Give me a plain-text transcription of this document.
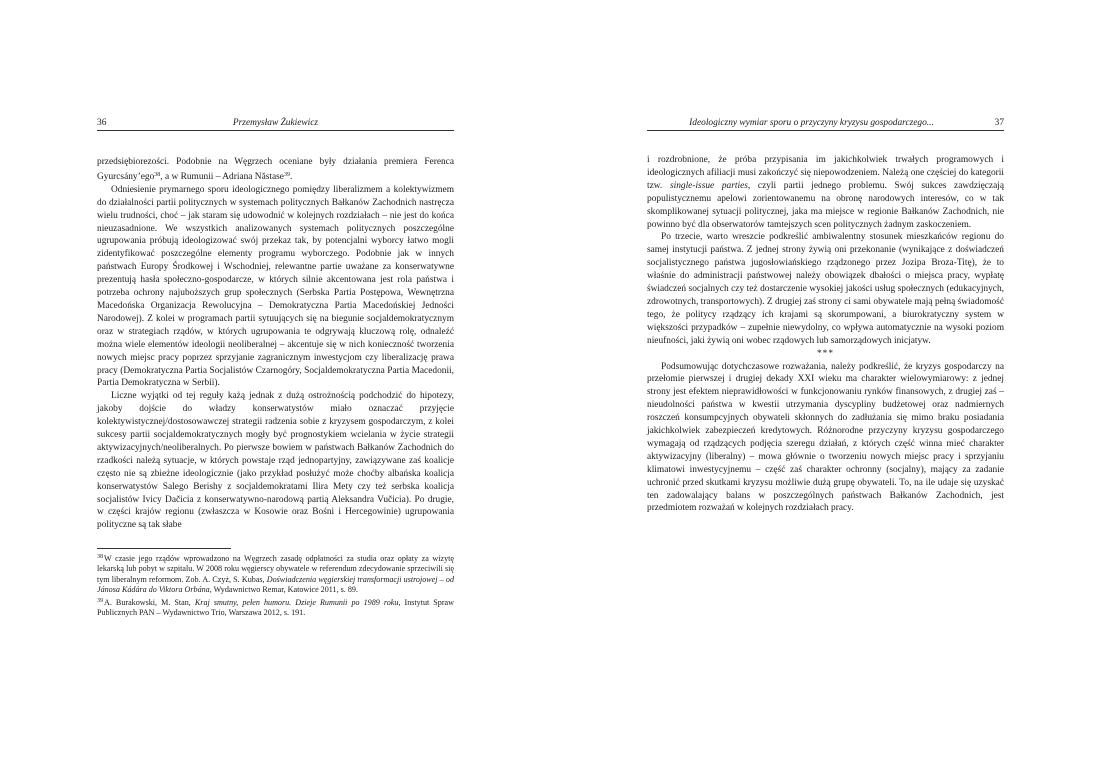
36	Przemysław Żukiewicz

przedsiębiorezości. Podobnie na Węgrzech oceniane były działania premiera Ferenca Gyurcsány’ego$^{38}$, a w Rumunii – Adriana Năstase$^{39}$.

Odniesienie prymarnego sporu ideologicznego pomiędzy liberalizmem a kolektywizmem do działalności partii politycznych w systemach politycznych Bałkanów Zachodnich nastręcza wielu trudności, choć – jak staram się udowodnić w kolejnych rozdziałach – nie jest do końca nieuzasadnione. We wszystkich analizowanych systemach politycznych poszczególne ugrupowania próbują ideologizować swój przekaz tak, by potencjalni wyborcy łatwo mogli zidentyfikować poszczególne elementy programu wyborczego. Podobnie jak w innych państwach Europy Środkowej i Wschodniej, relewantne partie uważane za konserwatywne prezentują hasła społeczno-gospodarcze, w których silnie akcentowana jest rola państwa i potrzeba ochrony najuboższych grup społecznych (Serbska Partia Postępowa, Wewnętrzna Macedońska Organizacja Rewolucyjna – Demokratyczna Partia Macedońskiej Jedności Narodowej). Z kolei w programach partii sytuujących się na biegunie socjaldemokratycznym oraz w strategiach rządów, w których ugrupowania te odgrywają kluczową rolę, odnaleźć można wiele elementów ideologii neoliberalnej – akcentuje się w nich konieczność tworzenia nowych miejsc pracy poprzez sprzyjanie zagranicznym inwestycjom czy liberalizację prawa pracy (Demokratyczna Partia Socjalistów Czarnogóry, Socjaldemokratyczna Partia Macedonii, Partia Demokratyczna w Serbii).

Liczne wyjątki od tej reguły każą jednak z dużą ostrożnością podchodzić do hipotezy, jakoby dojście do władzy konserwatystów miało oznaczać przyjęcie kolektywistycznej/dostosowawczej strategii radzenia sobie z kryzysem gospodarczym, z kolei sukcesy partii socjaldemokratycznych mogły być prognostykiem wcielania w życie strategii aktywizacyjnych/neoliberalnych. Po pierwsze bowiem w państwach Bałkanów Zachodnich do rzadkości należą sytuacje, w których powstaje rząd jednopartyjny, zawiązywane zaś koalicje często nie są zbieżne ideologicznie (jako przykład posłużyć może choćby albańska koalicja konserwatystów Salego Berishy z socjaldemokratami Ilira Mety czy też serbska koalicja socjalistów Ivicy Dačicia z konserwatywno-narodową partią Aleksandra Vučicia). Po drugie, w części krajów regionu (zwłaszcza w Kosowie oraz Bośni i Hercegowinie) ugrupowania polityczne są tak słabe

$^{38}$W czasie jego rządów wprowadzono na Węgrzech zasadę odpłatności za studia oraz opłaty za wizytę lekarską lub pobyt w szpitalu. W 2008 roku węgierscy obywatele w referendum zdecydowanie sprzeciwili się tym liberalnym reformom. Zob. A. Czyż, S. Kubas, Doświadczenia węgierskiej transformacji ustrojowej – od Jánosa Kádára do Viktora Orbána, Wydawnictwo Remar, Katowice 2011, s. 89.

$^{39}$A. Burakowski, M. Stan, Kraj smutny, pełen humoru. Dzieje Rumunii po 1989 roku, Instytut Spraw Publicznych PAN – Wydawnictwo Trio, Warszawa 2012, s. 191.

Ideologiczny wymiar sporu o przyczyny kryzysu gospodarczego...	37

i rozdrobnione, że próba przypisania im jakichkolwiek trwałych programowych i ideologicznych afiliacji musi zakończyć się niepowodzeniem. Należą one częściej do kategorii tzw. single-issue parties, czyli partii jednego problemu. Swój sukces zawdzięczają populistycznemu apelowi zorientowanemu na obronę narodowych interesów, co w tak skomplikowanej sytuacji politycznej, jaka ma miejsce w regionie Bałkanów Zachodnich, nie powinno być dla obserwatorów tamtejszych scen politycznych żadnym zaskoczeniem.

Po trzecie, warto wreszcie podkreślić ambiwalentny stosunek mieszkańców regionu do samej instytucji państwa. Z jednej strony żywią oni przekonanie (wynikające z doświadczeń socjalistycznego państwa jugosłowiańskiego rządzonego przez Jozipa Broza-Titę), że to właśnie do administracji państwowej należy obowiązek dbałości o miejsca pracy, wypłatę świadczeń socjalnych czy też dostarczenie wysokiej jakości usług społecznych (edukacyjnych, zdrowotnych, transportowych). Z drugiej zaś strony ci sami obywatele mają pełną świadomość tego, że politycy rządzący ich krajami są skorumpowani, a biurokratyczny system w większości przypadków – zupełnie niewydolny, co wpływa automatycznie na wysoki poziom nieufności, jaki żywią oni wobec rządowych lub samorządowych inicjatyw.

***

Podsumowując dotychczasowe rozważania, należy podkreślić, że kryzys gospodarczy na przełomie pierwszej i drugiej dekady XXI wieku ma charakter wielowymiarowy: z jednej strony jest efektem nieprawidłowości w funkcjonowaniu rynków finansowych, z drugiej zaś – nieudolności państwa w kwestii utrzymania dyscypliny budżetowej oraz nadmiernych roszczeń konsumpcyjnych obywateli skłonnych do zadłużania się mimo braku posiadania jakichkolwiek zabezpieczeń kredytowych. Różnorodne przyczyny kryzysu gospodarczego wymagają od rządzących podjęcia szeregu działań, z których część winna mieć charakter aktywizacyjny (liberalny) – mowa głównie o tworzeniu nowych miejsc pracy i sprzyjaniu klimatowi inwestycyjnemu – część zaś charakter ochronny (socjalny), mający za zadanie uchronić przed skutkami kryzysu możliwie dużą grupę obywateli. To, na ile udaje się uzyskać ten zadowalający balans w poszczególnych państwach Bałkanów Zachodnich, jest przedmiotem rozważań w kolejnych rozdziałach pracy.
